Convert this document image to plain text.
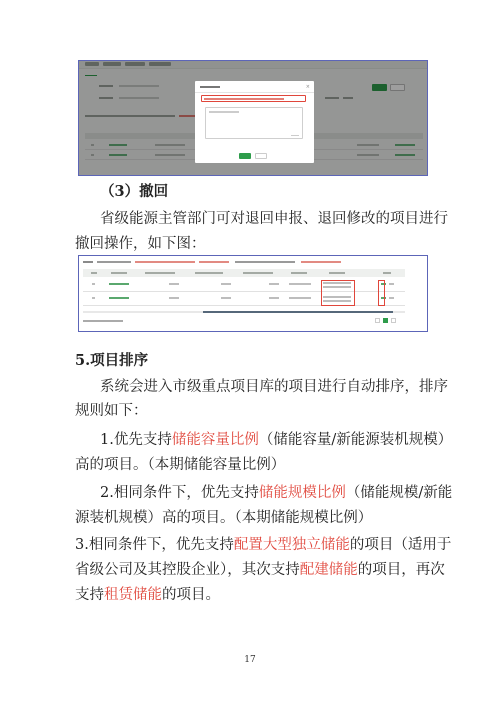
×
（3）撤回
省级能源主管部门可对退回申报、退回修改的项目进行
撤回操作，如下图：
5.项目排序
系统会进入市级重点项目库的项目进行自动排序，排序
规则如下：
1.优先支持储能容量比例（储能容量/新能源装机规模）
高的项目。（本期储能容量比例）
2.相同条件下，优先支持储能规模比例（储能规模/新能
源装机规模）高的项目。（本期储能规模比例）
3.相同条件下，优先支持配置大型独立储能的项目（适用于
省级公司及其控股企业），其次支持配建储能的项目，再次
支持租赁储能的项目。
17
